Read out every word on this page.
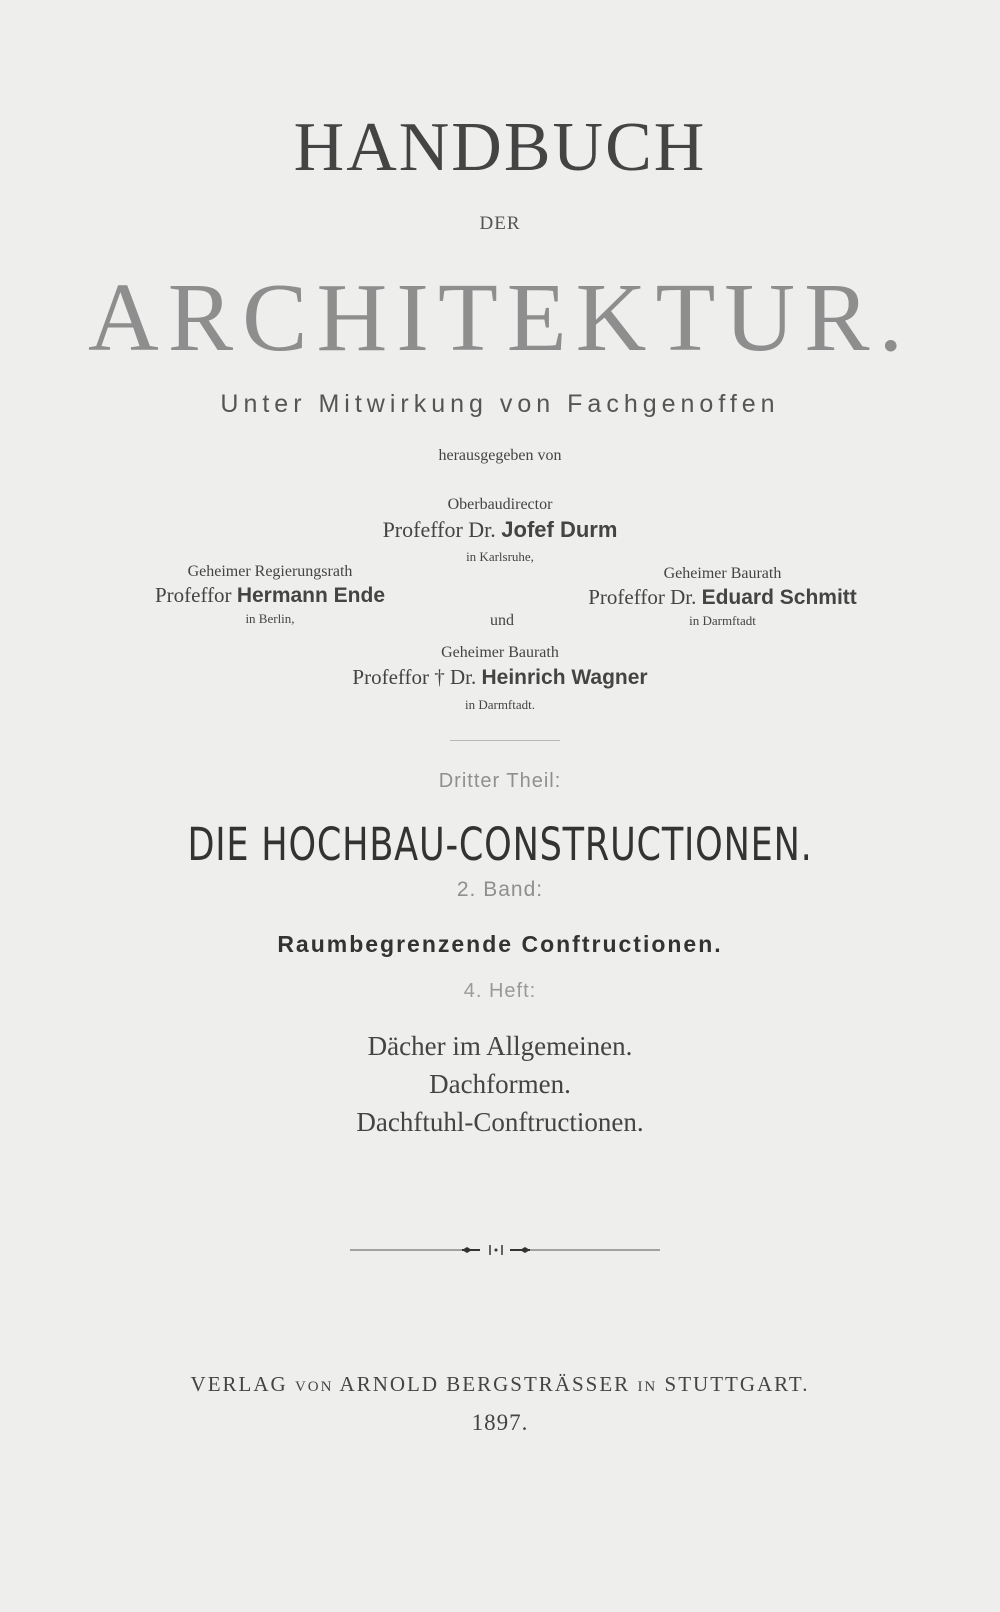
HANDBUCH
DER
ARCHITEKTUR.
Unter Mitwirkung von Fachgenoffen
herausgegeben von
Oberbaudirector
Profeffor Dr. Jofef Durm
in Karlsruhe,
Geheimer Regierungsrath
Profeffor Hermann Ende
in Berlin,	und
Geheimer Baurath
Profeffor Dr. Eduard Schmitt
in Darmftadt
Geheimer Baurath
Profeffor † Dr. Heinrich Wagner
in Darmftadt.
Dritter Theil:
DIE HOCHBAU-CONSTRUCTIONEN.
2. Band:
Raumbegrenzende Conftructionen.
4. Heft:
Dächer im Allgemeinen.
Dachformen.
Dachftuhl-Conftructionen.
VERLAG VON ARNOLD BERGSTRÄSSER IN STUTTGART.
1897.
